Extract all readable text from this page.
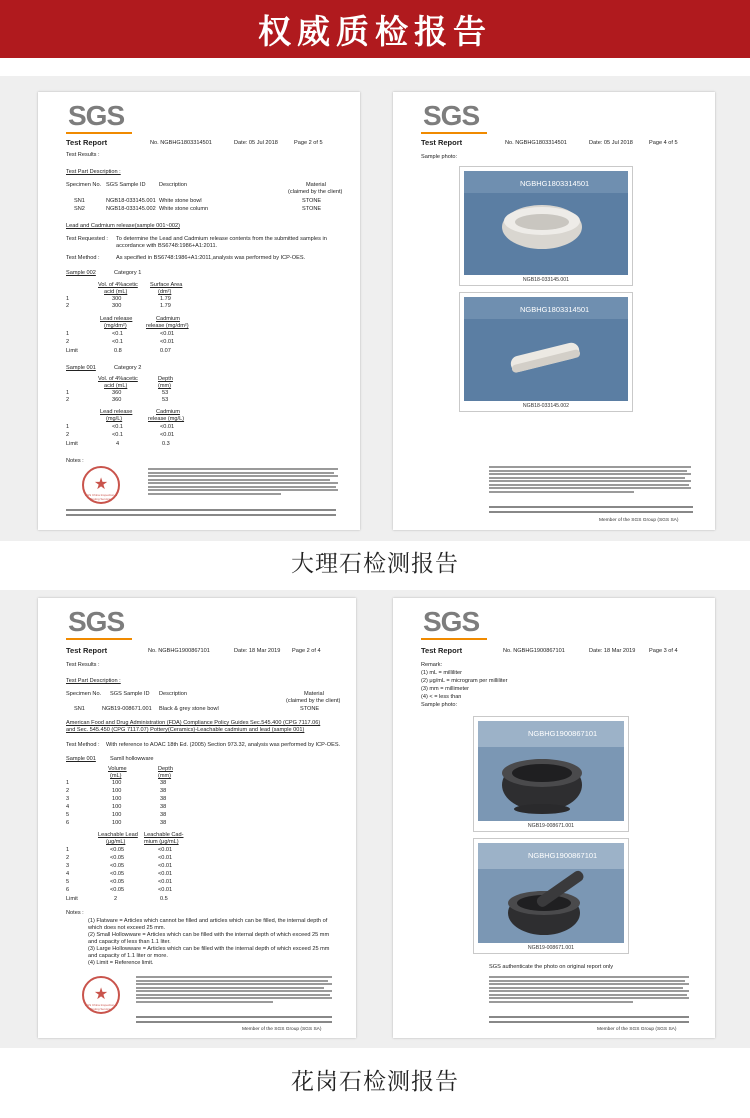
权威质检报告
SGS
Test Report	No. NGBHG1803314501	Date: 05 Jul 2018	Page 2 of 5
Test Results :
Test Part Description :
Specimen No. SGS Sample ID Description	Material
(claimed by the client)
SN1	NGB18-033145.001 White stone bowl	STONE
SN2	NGB18-033145.002 White stone column	STONE
Lead and Cadmium release(sample 001~002)
Test Requested : To determine the Lead and Cadmium release contents from the submitted samples in accordance with BS6748:1986+A1:2011.
Test Method :	As specified in BS6748:1986+A1:2011,analysis was performed by ICP-OES.
Sample 002	Category 1
Vol. of 4%acetic
acid (mL)
Surface Area
(dm²)
1	300	1.79
2	300	1.79
Lead release
(mg/dm²)
Cadmium
release (mg/dm²)
1	<0.1	<0.01
2	<0.1	<0.01
Limit	0.8	0.07
Sample 001	Category 2
Vol. of 4%acetic
acid (mL)
Depth
(mm)
1	360	53
2	360	53
Lead release
(mg/L)
Cadmium
release (mg/L)
1	<0.1	<0.01
2	<0.1	<0.01
Limit	4	0.3
Notes :
★
SGS China Inspection & Testing Services
SGS
Test Report	No. NGBHG1803314501	Date: 05 Jul 2018	Page 4 of 5
Sample photo:
NGBHG1803314501
NGB18-033145.001
NGBHG1803314501
NGB18-033145.002
Member of the SGS Group (SGS SA)
SGS
Test Report	No. NGBHG1900867101	Date: 18 Mar 2019 Page 2 of 4
Test Results :
Test Part Description :
Specimen No. SGS Sample ID Description	Material
(claimed by the client)
SN1	NGB19-008671.001 Black & grey stone bowl	STONE
American Food and Drug Administration (FDA) Compliance Policy Guides Sec.545.400 (CPG 7117.06) and Sec. 545.450 (CPG 7117.07) Pottery(Ceramics)-Leachable cadmium and lead (sample 001)
Test Method : With reference to AOAC 18th Ed. (2005) Section 973.32, analysis was performed by ICP-OES.
Sample 001	Samll hollowware
Volume
(mL)
Depth
(mm)
1	100	38
2	100	38
3	100	38
4	100	38
5	100	38
6	100	38
Leachable Lead
(μg/mL)
Leachable Cad-
mium (μg/mL)
1	<0.05	<0.01
2	<0.05	<0.01
3	<0.05	<0.01
4	<0.05	<0.01
5	<0.05	<0.01
6	<0.05	<0.01
Limit	2	0.5
Notes :
(1) Flatware = Articles which cannot be filled and articles which can be filled, the internal depth of which does not exceed 25 mm.
(2) Small Hollowware = Articles which can be filled with the internal depth of which exceed 25 mm and capacity of less than 1.1 liter.
(3) Large Hollowware = Articles which can be filled with the internal depth of which exceed 25 mm and capacity of 1.1 liter or more.
(4) Limit = Reference limit.
★
SGS China Inspection & Testing Services
Member of the SGS Group (SGS SA)
SGS
Test Report	No. NGBHG1900867101	Date: 18 Mar 2019 Page 3 of 4
Remark:
(1) mL = milliliter
(2) μg/mL = microgram per milliliter
(3) mm = millimeter
(4) < = less than
Sample photo:
NGBHG1900867101
NGB19-008671.001
NGBHG1900867101
NGB19-008671.001
SGS authenticate the photo on original report only
Member of the SGS Group (SGS SA)
大理石检测报告
花岗石检测报告
